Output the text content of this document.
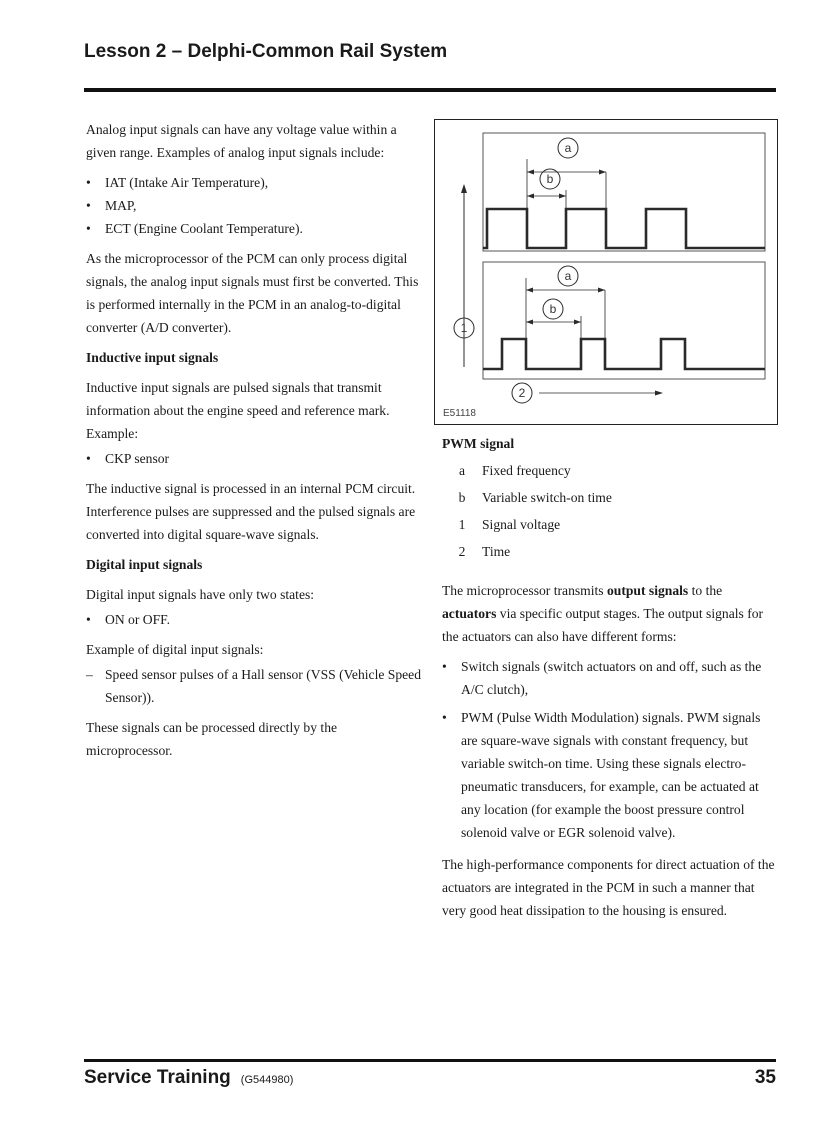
Lesson 2 – Delphi-Common Rail System

Analog input signals can have any voltage value within a given range. Examples of analog input signals include:

• IAT (Intake Air Temperature),
• MAP,
• ECT (Engine Coolant Temperature).

As the microprocessor of the PCM can only process digital signals, the analog input signals must first be converted. This is performed internally in the PCM in an analog-to-digital converter (A/D converter).

Inductive input signals

Inductive input signals are pulsed signals that transmit information about the engine speed and reference mark. Example:

• CKP sensor

The inductive signal is processed in an internal PCM circuit. Interference pulses are suppressed and the pulsed signals are converted into digital square-wave signals.

Digital input signals

Digital input signals have only two states:

• ON or OFF.

Example of digital input signals:

– Speed sensor pulses of a Hall sensor (VSS (Vehicle Speed Sensor)).

These signals can be processed directly by the microprocessor.

a
b
a
b
1
2
E51118
PWM signal
a	Fixed frequency
b	Variable switch-on time
1	Signal voltage
2	Time

The microprocessor transmits output signals to the actuators via specific output stages. The output signals for the actuators can also have different forms:

• Switch signals (switch actuators on and off, such as the A/C clutch),
• PWM (Pulse Width Modulation) signals. PWM signals are square-wave signals with constant frequency, but variable switch-on time. Using these signals electro-pneumatic transducers, for example, can be actuated at any location (for example the boost pressure control solenoid valve or EGR solenoid valve).

The high-performance components for direct actuation of the actuators are integrated in the PCM in such a manner that very good heat dissipation to the housing is ensured.

Service Training (G544980)	35
